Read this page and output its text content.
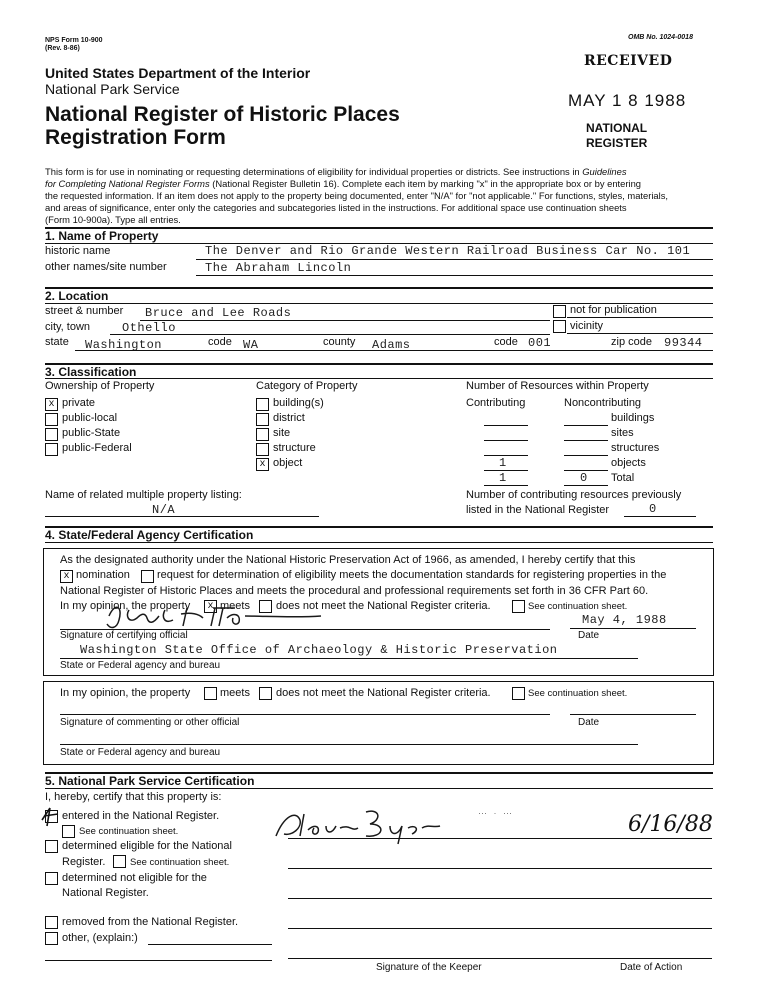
NPS Form 10-900
(Rev. 8-86)
OMB No. 1024-0018
United States Department of the Interior
National Park Service
National Register of Historic Places
Registration Form
RECEIVED
MAY 1 8 1988
NATIONAL
REGISTER
This form is for use in nominating or requesting determinations of eligibility for individual properties or districts. See instructions in Guidelines
for Completing National Register Forms (National Register Bulletin 16). Complete each item by marking "x" in the appropriate box or by entering
the requested information. If an item does not apply to the property being documented, enter "N/A" for "not applicable." For functions, styles, materials,
and areas of significance, enter only the categories and subcategories listed in the instructions. For additional space use continuation sheets
(Form 10-900a). Type all entries.
1. Name of Property
historic name	The Denver and Rio Grande Western Railroad Business Car No. 101
other names/site number	The Abraham Lincoln
2. Location
street & number Bruce and Lee Roads	not for publication
city, town	Othello	vicinity
state Washington	code WA	county Adams	code 001	zip code 99344
3. Classification
Ownership of Property	Category of Property	Number of Resources within Property
Contributing	Noncontributing
x private
public-local
public-State
public-Federal
building(s)
district
site
structure
x object
buildings
sites
structures
1	objects
1	0 Total
Name of related multiple property listing:
N/A
Number of contributing resources previously
listed in the National Register	0
4. State/Federal Agency Certification
As the designated authority under the National Historic Preservation Act of 1966, as amended, I hereby certify that this
x nomination request for determination of eligibility meets the documentation standards for registering properties in the
National Register of Historic Places and meets the procedural and professional requirements set forth in 36 CFR Part 60.
In my opinion, the property	x meets does not meet the National Register criteria.	See continuation sheet.
Signature of certifying official
May 4, 1988
Date
Washington State Office of Archaeology & Historic Preservation
State or Federal agency and bureau
In my opinion, the property	meets does not meet the National Register criteria.	See continuation sheet.
Signature of commenting or other official	Date
State or Federal agency and bureau
5. National Park Service Certification
I, hereby, certify that this property is:
entered in the National Register.
See continuation sheet.
determined eligible for the National
Register.	See continuation sheet.
determined not eligible for the
National Register.
removed from the National Register.
other, (explain:)
⋯ · ⋯	6/16/88
Signature of the Keeper	Date of Action
